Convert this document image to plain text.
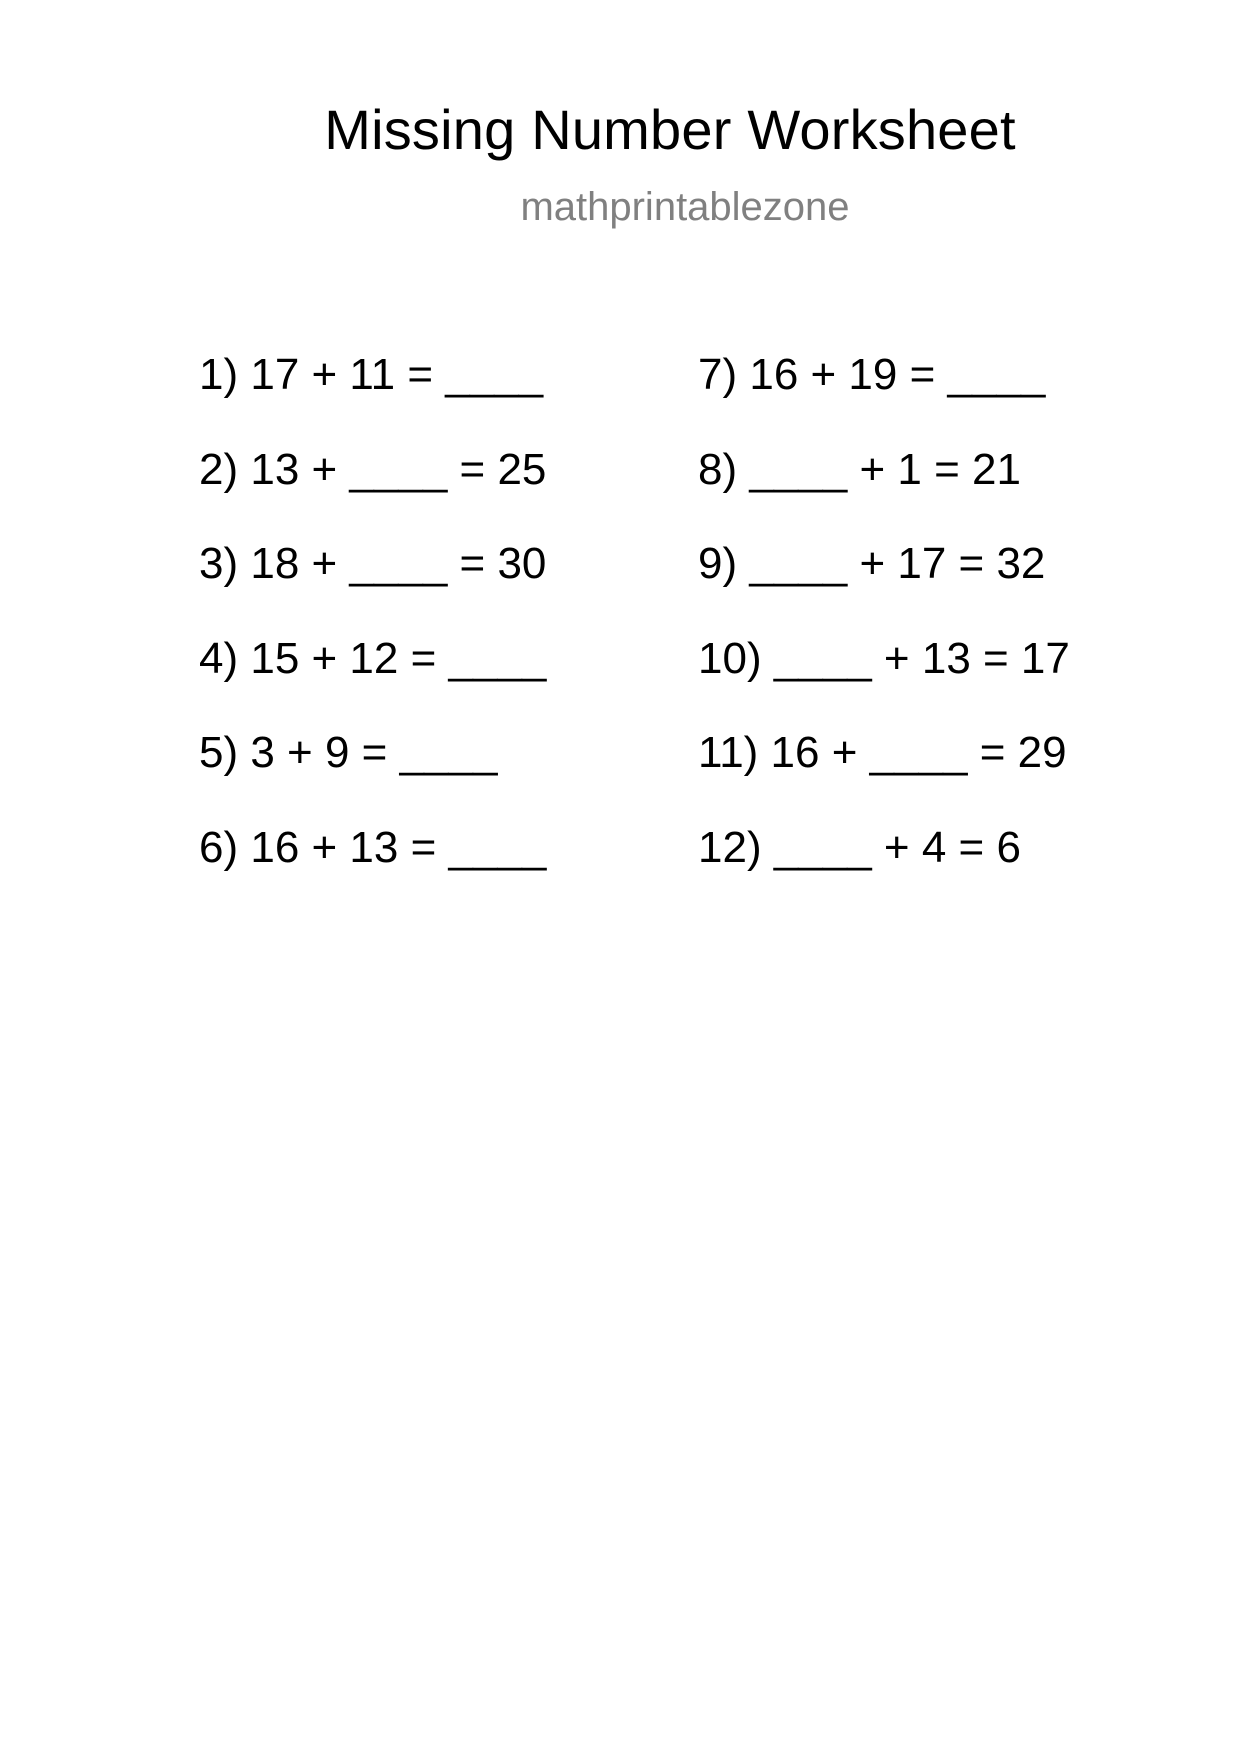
Missing Number Worksheet
mathprintablezone
1) 17 + 11 = ____
2) 13 + ____ = 25
3) 18 + ____ = 30
4) 15 + 12 = ____
5) 3 + 9 = ____
6) 16 + 13 = ____
7) 16 + 19 = ____
8) ____ + 1 = 21
9) ____ + 17 = 32
10) ____ + 13 = 17
11) 16 + ____ = 29
12) ____ + 4 = 6
